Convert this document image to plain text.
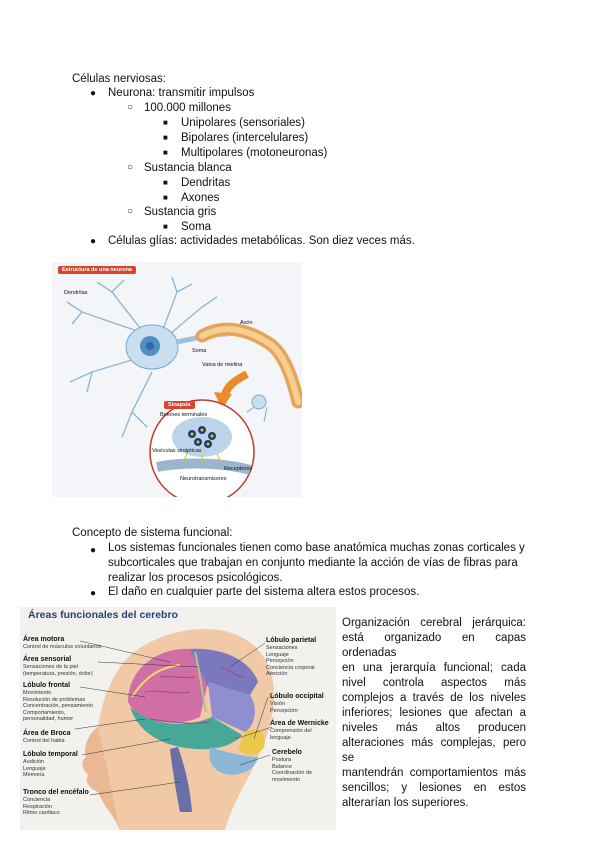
Células nerviosas:
● Neurona: transmitir impulsos
○ 100.000 millones
■ Unipolares (sensoriales)
■ Bipolares (intercelulares)
■ Multipolares (motoneuronas)
○ Sustancia blanca
■ Dendritas
■ Axones
○ Sustancia gris
■ Soma
● Células glías: actividades metabólicas. Son diez veces más.
Estructura de una neurona
Sinapsis
Dendritas
Axón
Soma
Vaina de mielina
Botones terminales
Vesículas sinápticas
Neurotransmisores
Receptores
Concepto de sistema funcional:
● Los sistemas funcionales tienen como base anatómica muchas zonas corticales y
subcorticales que trabajan en conjunto mediante la acción de vías de fibras para
realizar los procesos psicológicos.
● El daño en cualquier parte del sistema altera estos procesos.
Áreas funcionales del cerebro
Área motora
Control de músculos voluntarios
Área sensorial
Sensaciones de la piel
(temperatura, presión, dolor)
Lóbulo frontal
Movimiento
Resolución de problemas
Concentración, pensamiento
Comportamiento,
personalidad, humor
Área de Broca
Control del habla
Lóbulo temporal
Audición
Lenguaje
Memoria
Tronco del encéfalo
Conciencia
Respiración
Ritmo cardiaco
Lóbulo parietal
Sensaciones
Lenguaje
Percepción
Conciencia corporal
Atención
Lóbulo occipital
Visión
Percepción
Área de Wernicke
Comprensión del
lenguaje
Cerebelo
Postura
Balance
Coordinación de
movimiento
Organización cerebral jerárquica:
está organizado en capas ordenadas
en una jerarquía funcional; cada
nivel controla aspectos más
complejos a través de los niveles
inferiores; lesiones que afectan a
niveles más altos producen
alteraciones más complejas, pero se
mantendrán comportamientos más
sencillos; y lesiones en estos
alterarían los superiores.
